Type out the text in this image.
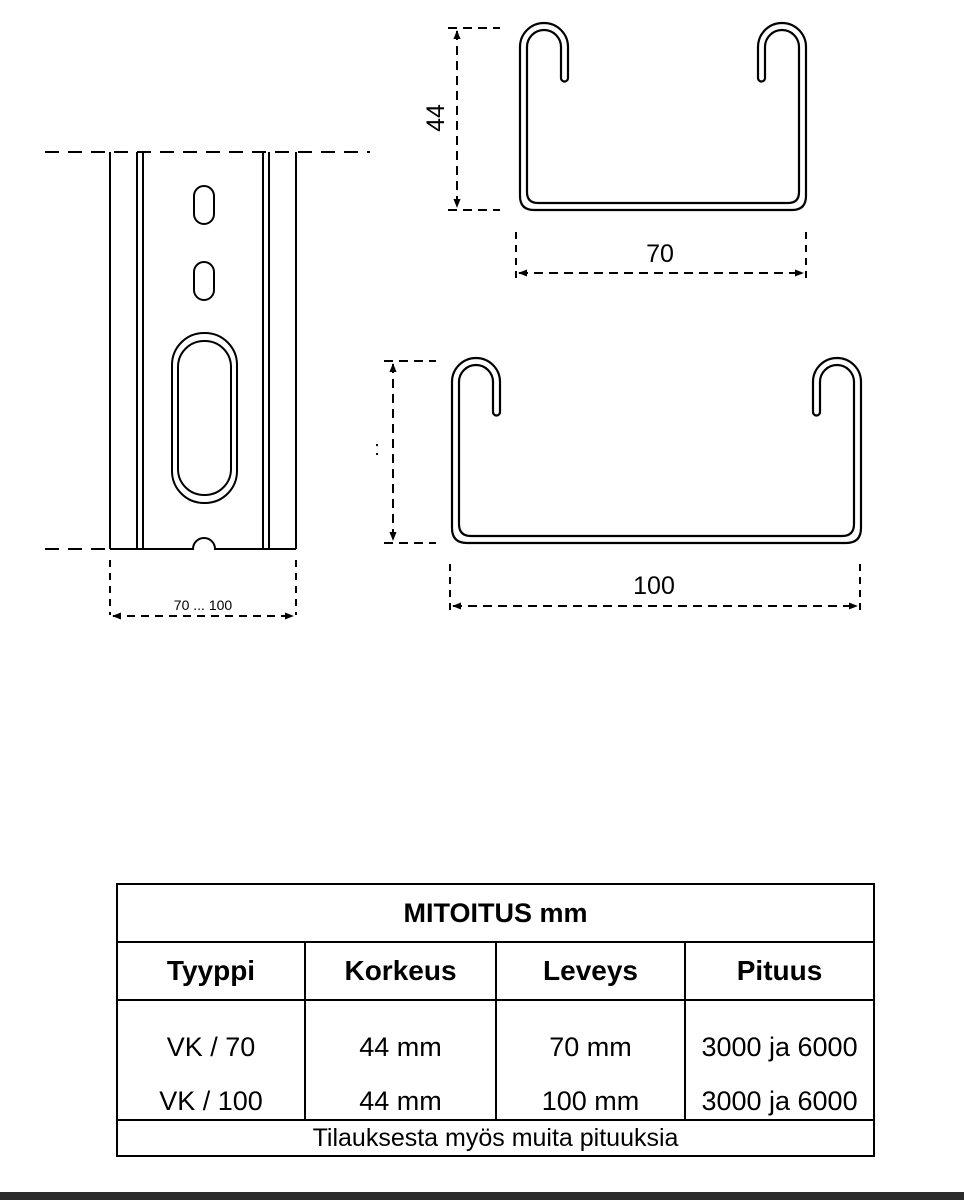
70 ... 100
44
70
:
100
MITOITUS mm			
Tyyppi	Korkeus	Leveys	Pituus
VK / 70	44 mm	70 mm	3000 ja 6000
VK / 100	44 mm	100 mm	3000 ja 6000
Tilauksesta myös muita pituuksia			
